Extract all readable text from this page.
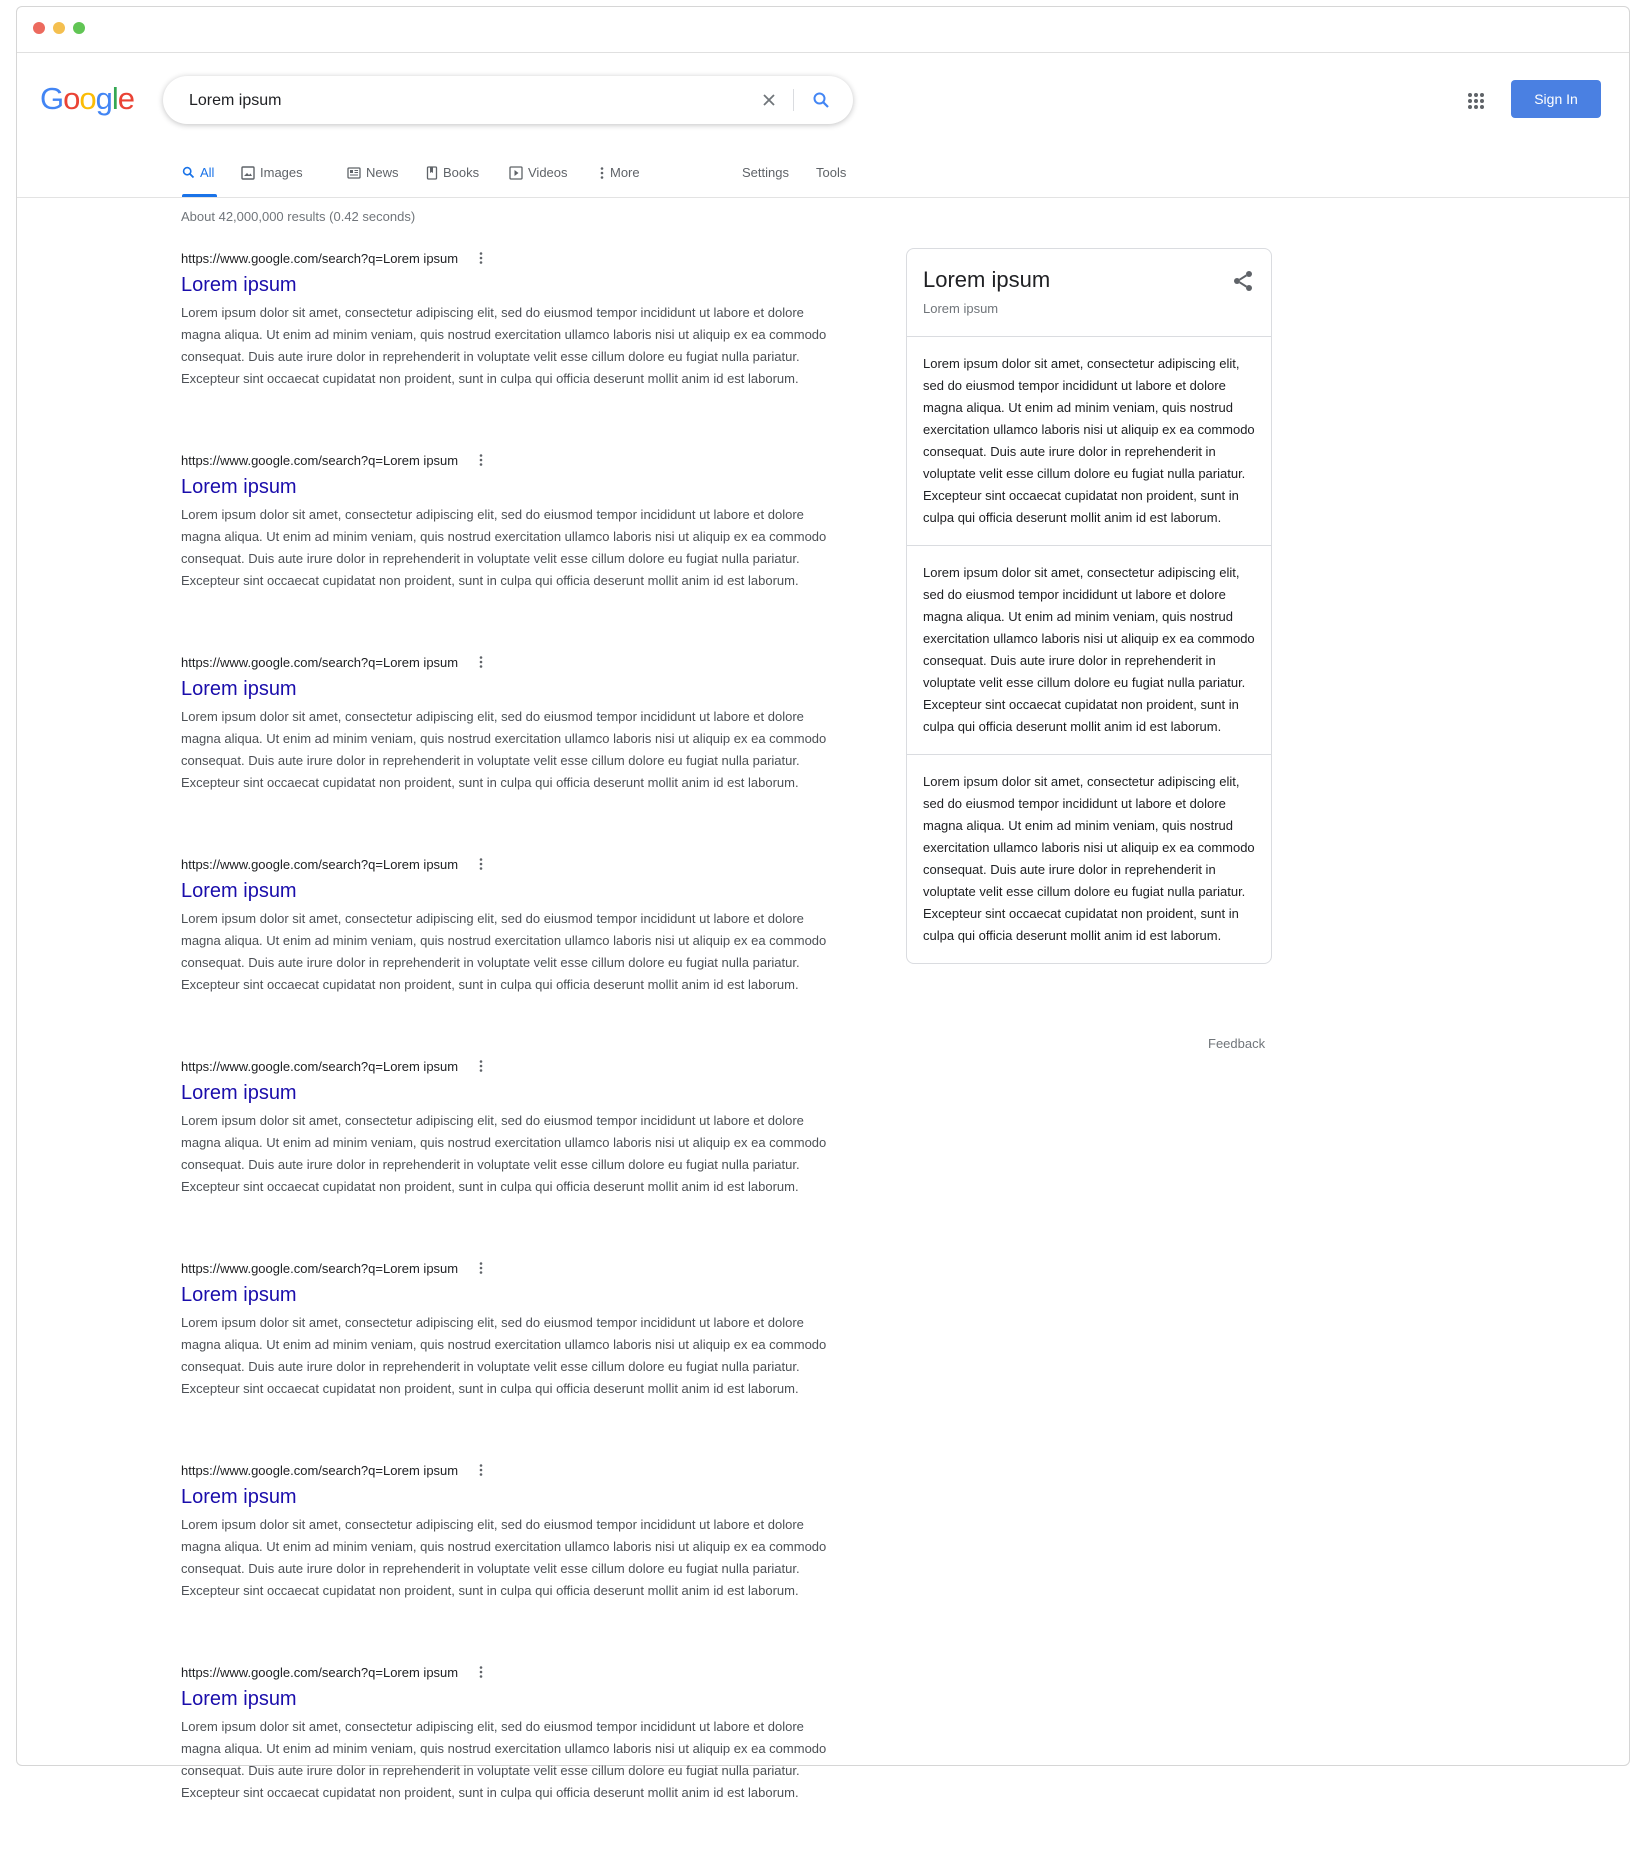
Google
Lorem ipsum	Sign In
All	Images	News	Books	Videos	More	Settings Tools
About 42,000,000 results (0.42 seconds)
https://www.google.com/search?q=Lorem ipsum
Lorem ipsum
Lorem ipsum dolor sit amet, consectetur adipiscing elit, sed do eiusmod tempor incididunt ut labore et dolore magna aliqua. Ut enim ad minim veniam, quis nostrud exercitation ullamco laboris nisi ut aliquip ex ea commodo consequat. Duis aute irure dolor in reprehenderit in voluptate velit esse cillum dolore eu fugiat nulla pariatur. Excepteur sint occaecat cupidatat non proident, sunt in culpa qui officia deserunt mollit anim id est laborum.
https://www.google.com/search?q=Lorem ipsum
Lorem ipsum
Lorem ipsum dolor sit amet, consectetur adipiscing elit, sed do eiusmod tempor incididunt ut labore et dolore magna aliqua. Ut enim ad minim veniam, quis nostrud exercitation ullamco laboris nisi ut aliquip ex ea commodo consequat. Duis aute irure dolor in reprehenderit in voluptate velit esse cillum dolore eu fugiat nulla pariatur. Excepteur sint occaecat cupidatat non proident, sunt in culpa qui officia deserunt mollit anim id est laborum.
https://www.google.com/search?q=Lorem ipsum
Lorem ipsum
Lorem ipsum dolor sit amet, consectetur adipiscing elit, sed do eiusmod tempor incididunt ut labore et dolore magna aliqua. Ut enim ad minim veniam, quis nostrud exercitation ullamco laboris nisi ut aliquip ex ea commodo consequat. Duis aute irure dolor in reprehenderit in voluptate velit esse cillum dolore eu fugiat nulla pariatur. Excepteur sint occaecat cupidatat non proident, sunt in culpa qui officia deserunt mollit anim id est laborum.
https://www.google.com/search?q=Lorem ipsum
Lorem ipsum
Lorem ipsum dolor sit amet, consectetur adipiscing elit, sed do eiusmod tempor incididunt ut labore et dolore magna aliqua. Ut enim ad minim veniam, quis nostrud exercitation ullamco laboris nisi ut aliquip ex ea commodo consequat. Duis aute irure dolor in reprehenderit in voluptate velit esse cillum dolore eu fugiat nulla pariatur. Excepteur sint occaecat cupidatat non proident, sunt in culpa qui officia deserunt mollit anim id est laborum.
https://www.google.com/search?q=Lorem ipsum
Lorem ipsum
Lorem ipsum dolor sit amet, consectetur adipiscing elit, sed do eiusmod tempor incididunt ut labore et dolore magna aliqua. Ut enim ad minim veniam, quis nostrud exercitation ullamco laboris nisi ut aliquip ex ea commodo consequat. Duis aute irure dolor in reprehenderit in voluptate velit esse cillum dolore eu fugiat nulla pariatur. Excepteur sint occaecat cupidatat non proident, sunt in culpa qui officia deserunt mollit anim id est laborum.
https://www.google.com/search?q=Lorem ipsum
Lorem ipsum
Lorem ipsum dolor sit amet, consectetur adipiscing elit, sed do eiusmod tempor incididunt ut labore et dolore magna aliqua. Ut enim ad minim veniam, quis nostrud exercitation ullamco laboris nisi ut aliquip ex ea commodo consequat. Duis aute irure dolor in reprehenderit in voluptate velit esse cillum dolore eu fugiat nulla pariatur. Excepteur sint occaecat cupidatat non proident, sunt in culpa qui officia deserunt mollit anim id est laborum.
https://www.google.com/search?q=Lorem ipsum
Lorem ipsum
Lorem ipsum dolor sit amet, consectetur adipiscing elit, sed do eiusmod tempor incididunt ut labore et dolore magna aliqua. Ut enim ad minim veniam, quis nostrud exercitation ullamco laboris nisi ut aliquip ex ea commodo consequat. Duis aute irure dolor in reprehenderit in voluptate velit esse cillum dolore eu fugiat nulla pariatur. Excepteur sint occaecat cupidatat non proident, sunt in culpa qui officia deserunt mollit anim id est laborum.
https://www.google.com/search?q=Lorem ipsum
Lorem ipsum
Lorem ipsum dolor sit amet, consectetur adipiscing elit, sed do eiusmod tempor incididunt ut labore et dolore magna aliqua. Ut enim ad minim veniam, quis nostrud exercitation ullamco laboris nisi ut aliquip ex ea commodo consequat. Duis aute irure dolor in reprehenderit in voluptate velit esse cillum dolore eu fugiat nulla pariatur. Excepteur sint occaecat cupidatat non proident, sunt in culpa qui officia deserunt mollit anim id est laborum.
Lorem ipsum
Lorem ipsum
Lorem ipsum dolor sit amet, consectetur adipiscing elit, sed do eiusmod tempor incididunt ut labore et dolore magna aliqua. Ut enim ad minim veniam, quis nostrud exercitation ullamco laboris nisi ut aliquip ex ea commodo consequat. Duis aute irure dolor in reprehenderit in voluptate velit esse cillum dolore eu fugiat nulla pariatur. Excepteur sint occaecat cupidatat non proident, sunt in culpa qui officia deserunt mollit anim id est laborum.
Lorem ipsum dolor sit amet, consectetur adipiscing elit, sed do eiusmod tempor incididunt ut labore et dolore magna aliqua. Ut enim ad minim veniam, quis nostrud exercitation ullamco laboris nisi ut aliquip ex ea commodo consequat. Duis aute irure dolor in reprehenderit in voluptate velit esse cillum dolore eu fugiat nulla pariatur. Excepteur sint occaecat cupidatat non proident, sunt in culpa qui officia deserunt mollit anim id est laborum.
Lorem ipsum dolor sit amet, consectetur adipiscing elit, sed do eiusmod tempor incididunt ut labore et dolore magna aliqua. Ut enim ad minim veniam, quis nostrud exercitation ullamco laboris nisi ut aliquip ex ea commodo consequat. Duis aute irure dolor in reprehenderit in voluptate velit esse cillum dolore eu fugiat nulla pariatur. Excepteur sint occaecat cupidatat non proident, sunt in culpa qui officia deserunt mollit anim id est laborum.
Feedback
